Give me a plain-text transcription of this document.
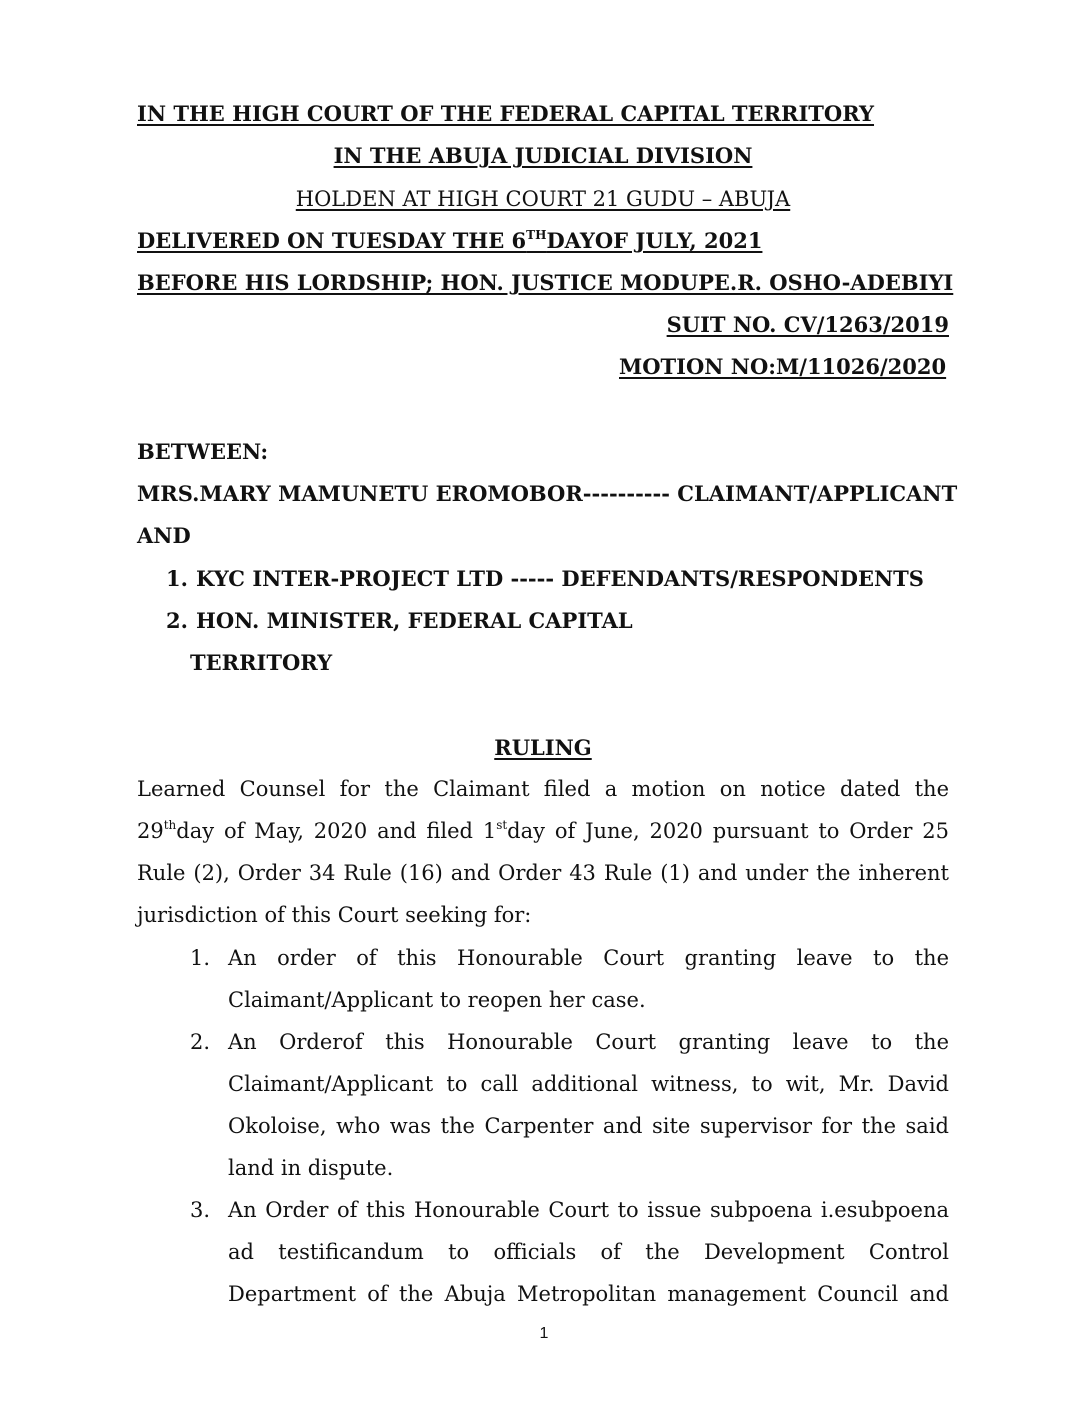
IN THE HIGH COURT OF THE FEDERAL CAPITAL TERRITORY

IN THE ABUJA JUDICIAL DIVISION

HOLDEN AT HIGH COURT 21 GUDU – ABUJA

DELIVERED ON TUESDAY THE 6THDAYOF JULY, 2021

BEFORE HIS LORDSHIP; HON. JUSTICE MODUPE.R. OSHO-ADEBIYI

SUIT NO. CV/1263/2019

MOTION NO:M/11026/2020

BETWEEN:

MRS.MARY MAMUNETU EROMOBOR---------- CLAIMANT/APPLICANT

AND

1. KYC INTER-PROJECT LTD ----- DEFENDANTS/RESPONDENTS

2. HON. MINISTER, FEDERAL CAPITAL

TERRITORY

RULING

Learned Counsel for the Claimant filed a motion on notice dated the
29thday of May, 2020 and filed 1stday of June, 2020 pursuant to Order 25
Rule (2), Order 34 Rule (16) and Order 43 Rule (1) and under the inherent
jurisdiction of this Court seeking for:

1. An order of this Honourable Court granting leave to the
Claimant/Applicant to reopen her case.
2. An Orderof this Honourable Court granting leave to the
Claimant/Applicant to call additional witness, to wit, Mr. David
Okoloise, who was the Carpenter and site supervisor for the said
land in dispute.
3. An Order of this Honourable Court to issue subpoena i.esubpoena
ad testificandum to officials of the Development Control
Department of the Abuja Metropolitan management Council and
1
